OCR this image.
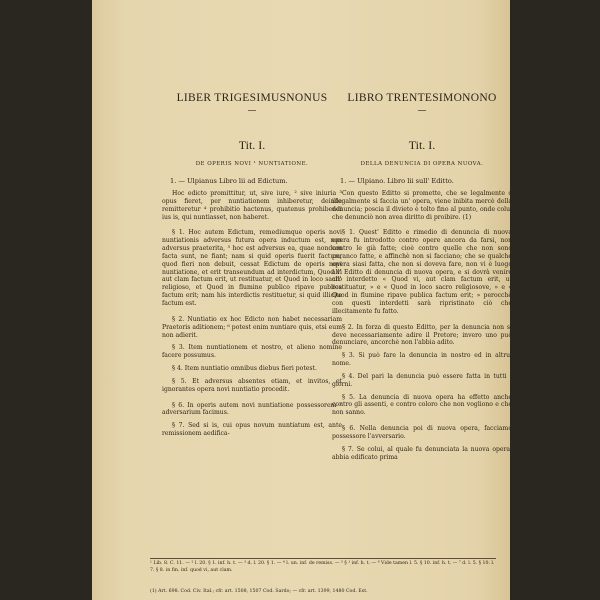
LIBER TRIGESIMUSNONUS
—
Tit. I.
DE OPERIS NOVI ¹ NUNTIATIONE.
1. — Ulpianus Libro lii ad Edictum.

Hoc edicto promittitur, ut, sive iure, ² sive iniuria ³ opus fieret, per nuntiationem inhiberetur, deinde remitteretur ⁴ prohibitio hactenus, quatenus prohibendi ius is, qui nuntiasset, non haberet.

§ 1. Hoc autem Edictum, remediumque operis novi nuntiationis adversus futura opera inductum est, non adversus praeterita, ⁵ hoc est adversus ea, quae nondum facta sunt, ne fiant; nam si quid operis fuerit factum, quod fieri non debuit, cessat Edictum de operis novi nuntiatione, et erit transeundum ad interdictum, Quod vi aut clam factum erit, ut restituatur, et Quod in loco sacro religioso, et Quod in flumine publico ripave publica factum erit; nam his interdictis restituetur, si quid illicite factum est.

§ 2. Nuntiatio ex hoc Edicto non habet necessariam Praetoris aditionem; ⁶ potest enim nuntiare quis, etsi eum non adierit.

§ 3. Item nuntiationem et nostro, et alieno nomine facere possumus.

§ 4. Item nuntiatio omnibus diebus fieri potest.

§ 5. Et adversus absentes etiam, et invitos, et ignorantes opera novi nuntiatio procedit.

§ 6. In operis autem novi nuntiatione possessorem ⁷ adversarium facimus.

§ 7. Sed si is, cui opus novum nuntiatum est, ante remissionem aedifica-

LIBRO TRENTESIMONONO
—
Tit. I.
DELLA DENUNCIA DI OPERA NUOVA.
1. — Ulpiano. Libro lii sull' Editto.

Con questo Editto si promette, che se legalmente o illegalmente si faccia un' opera, viene inibita mercè della denuncia; poscia il divieto è tolto fino al punto, onde colui che denunciò non avea diritto di proibire. (1)

§ 1. Quest' Editto e rimedio di denuncia di nuova opera fu introdotto contro opere ancora da farsi, non contro le già fatte; cioè contro quelle che non sono peranco fatte, e affinchè non si facciano; che se qualche opera siasi fatta, che non si doveva fare, non vi è luogo all' Editto di denuncia di nuova opera, e si dovrà venire all' interdetto « Quod vi, aut clam factum erit, ut restituatur, » e « Quod in loco sacro religiosove, » e « Quod in flumine ripave publica factum erit; » perocchè con questi interdetti sarà ripristinato ciò che illecitamente fu fatto.

§ 2. In forza di questo Editto, per la denuncia non si deve necessariamente adire il Pretore; invero uno può denunciare, ancorchè non l'abbia adito.

§ 3. Si può fare la denuncia in nostro ed in altrui nome.

§ 4. Del pari la denuncia può essere fatta in tutti i giorni.

§ 5. La denuncia di nuova opera ha effetto anche contro gli assenti, e contro coloro che non vogliono e che non sanno.

§ 6. Nella denuncia poi di nuova opera, facciamo possessore l'avversario.

§ 7. Se colui, al quale fu denunciata la nuova opera, abbia edificato prima

¹ Lib. 8. C. 11. — ² l. 20. § 1. inf. h. t. — ³ d. l. 20. § 1. — ⁴ l. un. inf. de remiss. — ⁵ § ¹ inf. h. t. — ⁶ Vide tamen l. 5. § 10. inf. h. t. — ⁷ d. l. 5. § 10. l. 7. § 8. in fin. inf. quod vi, aut clam.
(1) Art. 698. Cod. Civ. Ital.; cfr. art. 1508, 1507 Cod. Sardo; — cfr. art. 1399, 1480 Cod. Est.
